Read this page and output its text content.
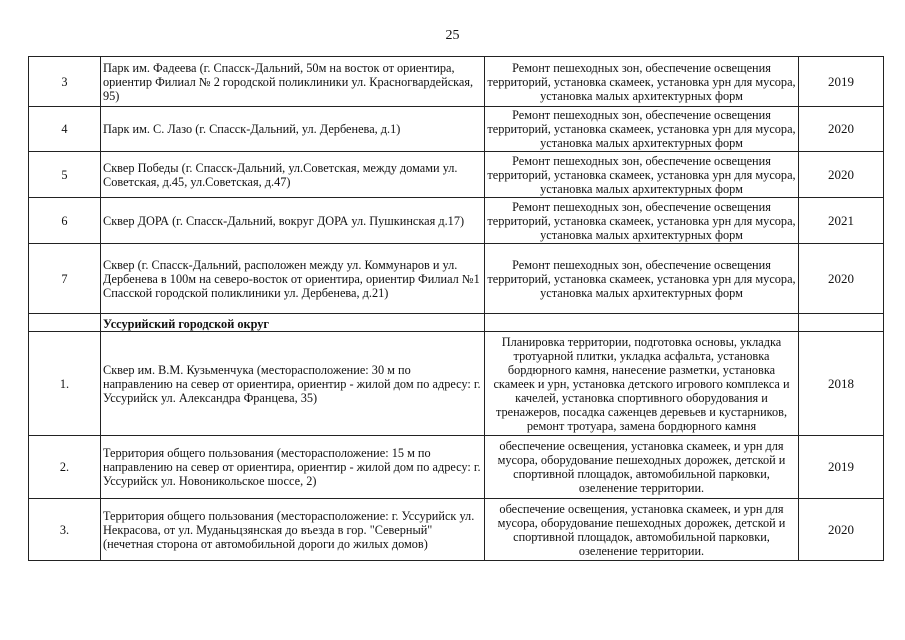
25
3	Парк им. Фадеева (г. Спасск-Дальний, 50м на восток от ориентира, ориентир Филиал № 2 городской поликлиники ул. Красногвардейская, 95)	Ремонт пешеходных зон, обеспечение освещения территорий, установка скамеек, установка урн для мусора, установка малых архитектурных форм	2019
4	Парк им. С. Лазо (г. Спасск-Дальний, ул. Дербенева, д.1)	Ремонт пешеходных зон, обеспечение освещения территорий, установка скамеек, установка урн для мусора, установка малых архитектурных форм	2020
5	Сквер Победы (г. Спасск-Дальний, ул.Советская, между домами ул. Советская, д.45, ул.Советская, д.47)	Ремонт пешеходных зон, обеспечение освещения территорий, установка скамеек, установка урн для мусора, установка малых архитектурных форм	2020
6	Сквер ДОРА (г. Спасск-Дальний, вокруг ДОРА ул. Пушкинская д.17)	Ремонт пешеходных зон, обеспечение освещения территорий, установка скамеек, установка урн для мусора, установка малых архитектурных форм	2021
7	Сквер (г. Спасск-Дальний, расположен между ул. Коммунаров и ул. Дербенева в 100м на северо-восток от ориентира, ориентир Филиал №1 Спасской городской поликлиники ул. Дербенева, д.21)	Ремонт пешеходных зон, обеспечение освещения территорий, установка скамеек, установка урн для мусора, установка малых архитектурных форм	2020
	Уссурийский городской округ		
1.	Сквер им. В.М. Кузьменчука (месторасположение: 30 м по направлению на север от ориентира, ориентир - жилой дом по адресу: г. Уссурийск ул. Александра Францева, 35)	Планировка территории, подготовка основы, укладка тротуарной плитки, укладка асфальта, установка бордюрного камня, нанесение разметки, установка скамеек и урн, установка детского игрового комплекса и качелей, установка спортивного оборудования и тренажеров, посадка саженцев деревьев и кустарников, ремонт тротуара, замена бордюрного камня	2018
2.	Территория общего пользования (месторасположение: 15 м по направлению на север от ориентира, ориентир - жилой дом по адресу: г. Уссурийск ул. Новоникольское шоссе, 2)	обеспечение освещения, установка скамеек, и урн для мусора, оборудование пешеходных дорожек, детской и спортивной площадок, автомобильной парковки, озеленение территории.	2019
3.	Территория общего пользования (месторасположение: г. Уссурийск ул. Некрасова, от ул. Муданьцзянская до въезда в гор. "Северный" (нечетная сторона от автомобильной дороги до жилых домов)	обеспечение освещения, установка скамеек, и урн для мусора, оборудование пешеходных дорожек, детской и спортивной площадок, автомобильной парковки, озеленение территории.	2020
